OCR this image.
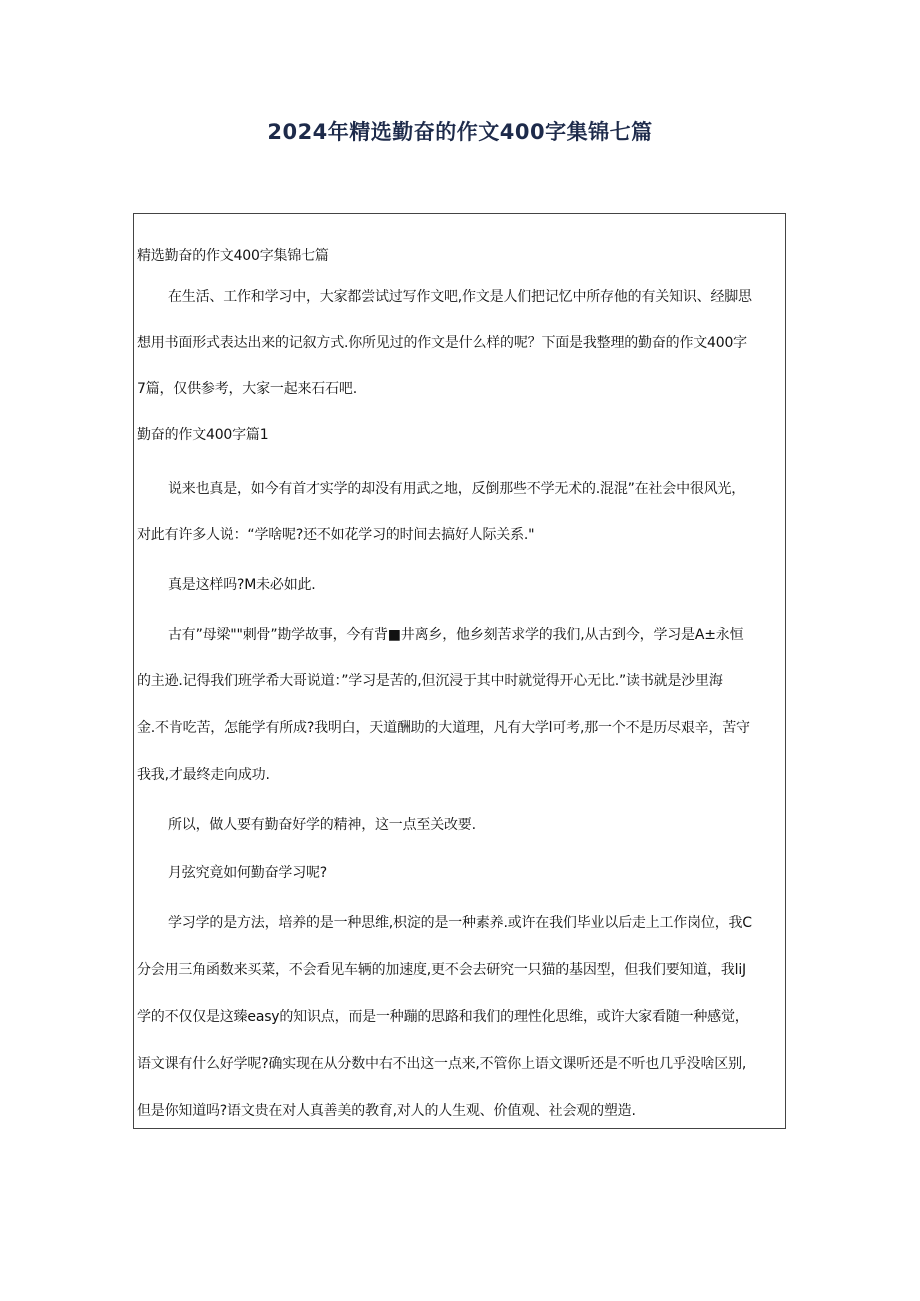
2024年精选勤奋的作文400字集锦七篇

精选勤奋的作文400字集锦七篇

在生活、工作和学习中，大家都尝试过写作文吧,作文是人们把记忆中所存他的有关知识、经脚思

想用书面形式表达出来的记叙方式.你所见过的作文是什么样的呢？下面是我整理的勤奋的作文400字

7篇，仅供参考，大家一起来石石吧.

勤奋的作文400字篇1

说来也真是，如今有首才实学的却没有用武之地，反倒那些不学无术的.混混”在社会中很风光，

对此有许多人说：“学啥呢?还不如花学习的时间去搞好人际关系."

真是这样吗?M未必如此.

古有”母梁""刺骨”勘学故事，今有背■井离乡，他乡刻苦求学的我们,从古到今，学习是A±永恒

的主逊.记得我们班学希大哥说道：”学习是苦的,但沉浸于其中时就觉得开心无比.”读书就是沙里海

金.不肯吃苦，怎能学有所成?我明白，天道酬助的大道理，凡有大学l可考,那一个不是历尽艰辛，苦守

我我,才最终走向成功.

所以，做人要有勤奋好学的精神，这一点至关改要.

月弦究竟如何勤奋学习呢?

学习学的是方法，培养的是一种思维,枳淀的是一种素养.或许在我们毕业以后走上工作岗位，我C

分会用三角函数来买菜，不会看见车辆的加速度,更不会去研究一只猫的基因型，但我们要知道，我liJ

学的不仅仅是这臻easy的知识点，而是一种蹦的思路和我们的理性化思维，或许大家看随一种感觉，

语文课有什么好学呢?确实现在从分数中右不出这一点来,不管你上语文课听还是不听也几乎没啥区别,

但是你知道吗?语文贵在对人真善美的教育,对人的人生观、价值观、社会观的塑造.
